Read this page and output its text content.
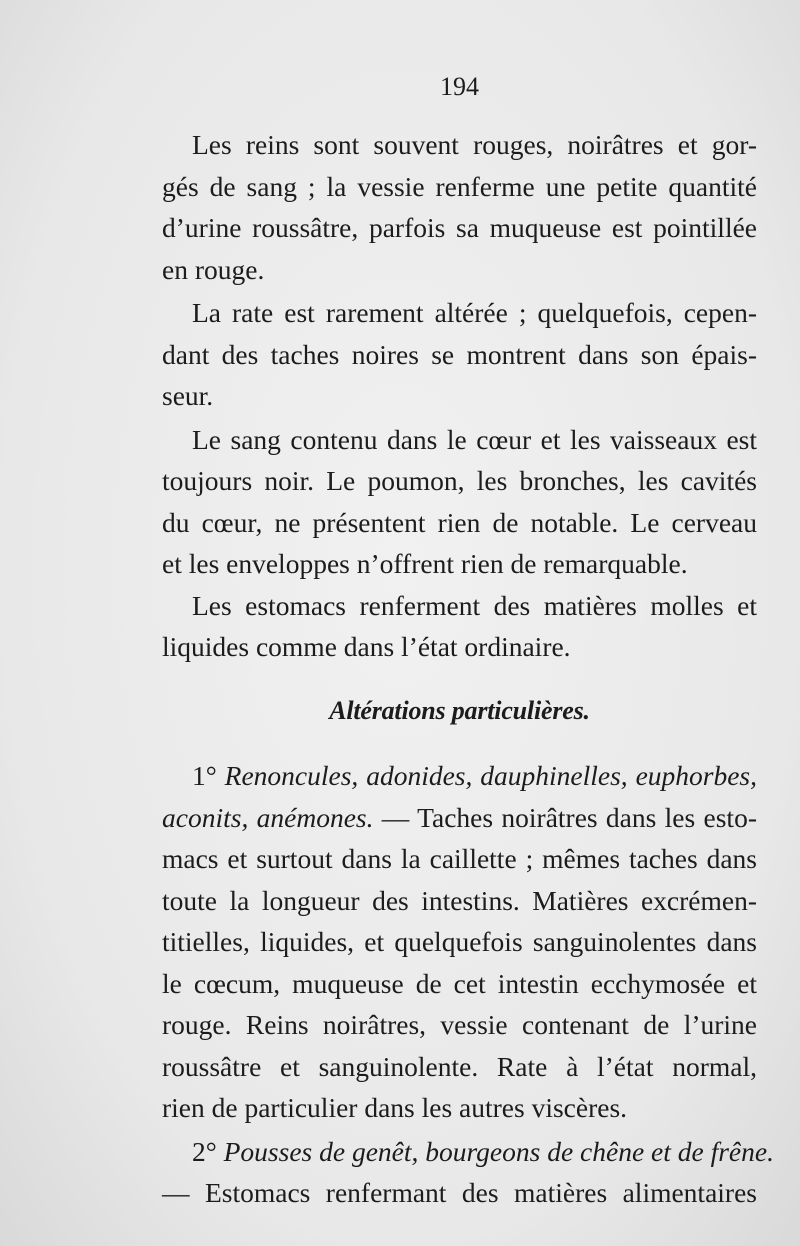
194
Les reins sont souvent rouges, noirâtres et gor-
gés de sang ; la vessie renferme une petite quantité
d’urine roussâtre, parfois sa muqueuse est pointillée
en rouge.
La rate est rarement altérée ; quelquefois, cepen-
dant des taches noires se montrent dans son épais-
seur.
Le sang contenu dans le cœur et les vaisseaux est
toujours noir. Le poumon, les bronches, les cavités
du cœur, ne présentent rien de notable. Le cerveau
et les enveloppes n’offrent rien de remarquable.
Les estomacs renferment des matières molles et
liquides comme dans l’état ordinaire.
Altérations particulières.
1° Renoncules, adonides, dauphinelles, euphorbes,
aconits, anémones. — Taches noirâtres dans les esto-
macs et surtout dans la caillette ; mêmes taches dans
toute la longueur des intestins. Matières excrémen-
titielles, liquides, et quelquefois sanguinolentes dans
le cœcum, muqueuse de cet intestin ecchymosée et
rouge. Reins noirâtres, vessie contenant de l’urine
roussâtre et sanguinolente. Rate à l’état normal,
rien de particulier dans les autres viscères.
2° Pousses de genêt, bourgeons de chêne et de frêne.
— Estomacs renfermant des matières alimentaires
